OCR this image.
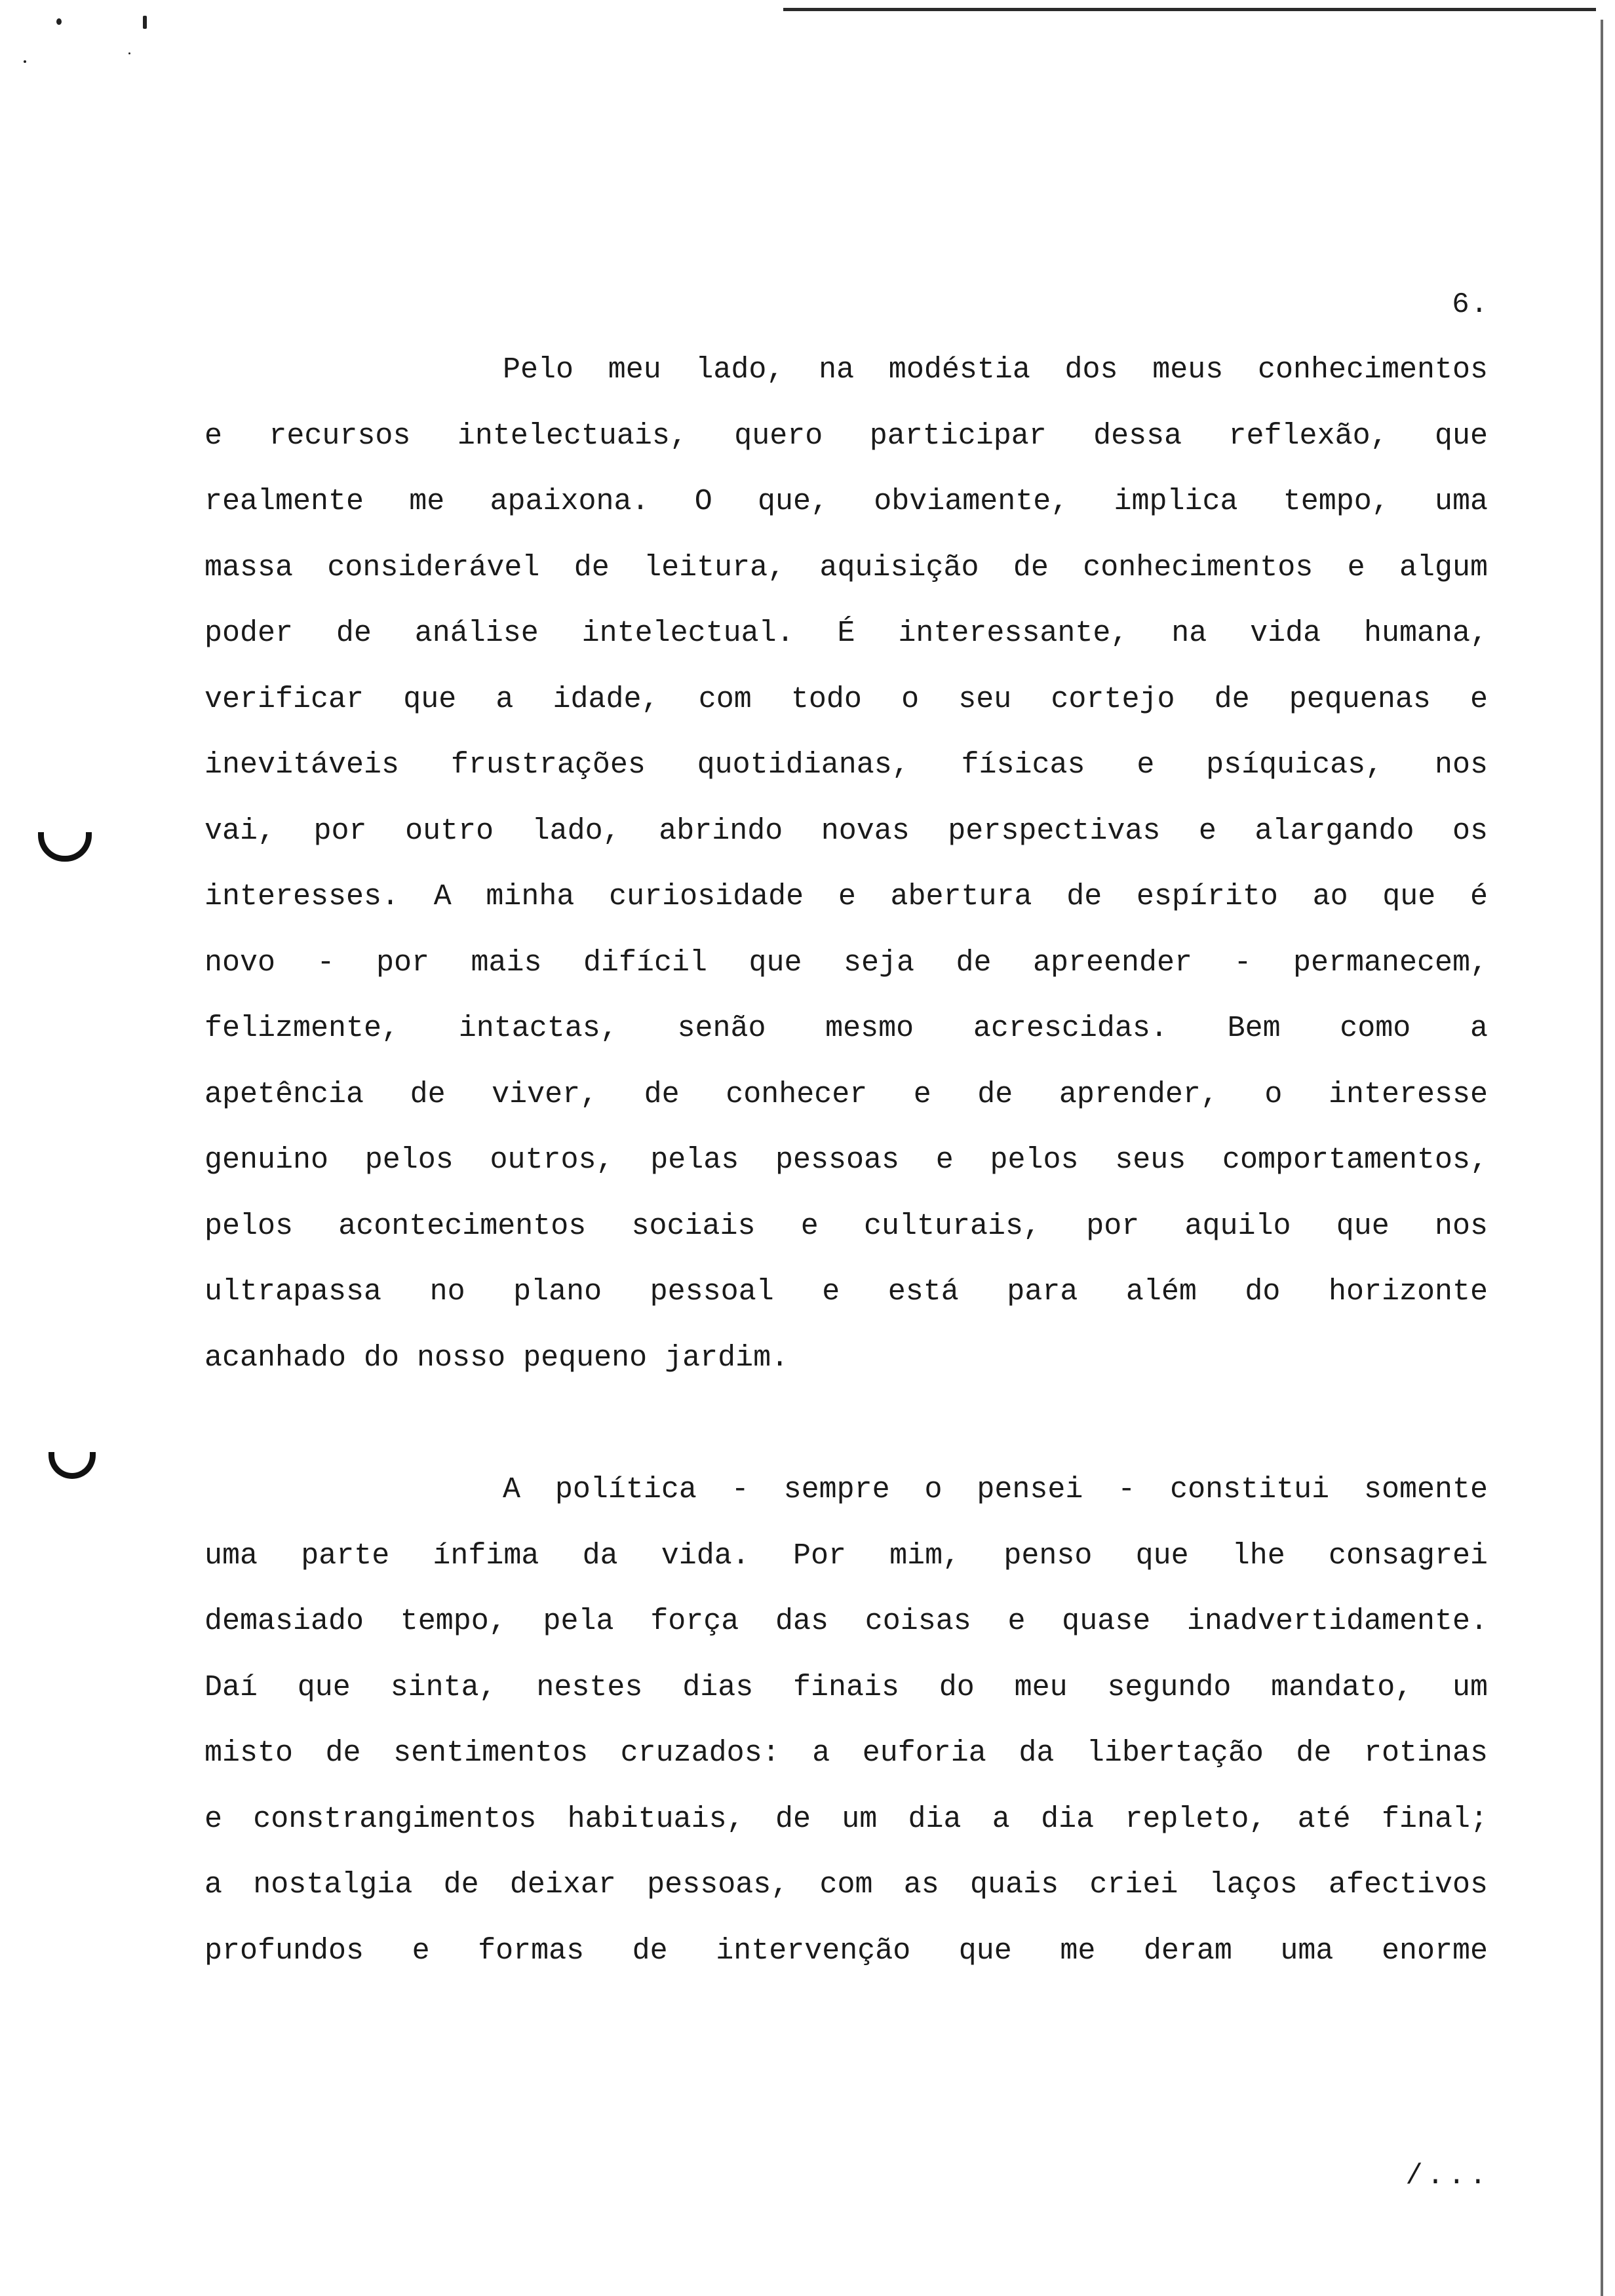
6.
Pelo meu lado, na modéstia dos meus conhecimentos
e recursos intelectuais, quero participar dessa reflexão, que
realmente me apaixona. O que, obviamente, implica tempo, uma
massa considerável de leitura, aquisição de conhecimentos e algum
poder de análise intelectual. É interessante, na vida humana,
verificar que a idade, com todo o seu cortejo de pequenas e
inevitáveis frustrações quotidianas, físicas e psíquicas, nos
vai, por outro lado, abrindo novas perspectivas e alargando os
interesses. A minha curiosidade e abertura de espírito ao que é
novo - por mais difícil que seja de apreender - permanecem,
felizmente, intactas, senão mesmo acrescidas. Bem como a
apetência de viver, de conhecer e de aprender, o interesse
genuino pelos outros, pelas pessoas e pelos seus comportamentos,
pelos acontecimentos sociais e culturais, por aquilo que nos
ultrapassa no plano pessoal e está para além do horizonte
acanhado do nosso pequeno jardim.
A política - sempre o pensei - constitui somente
uma parte ínfima da vida. Por mim, penso que lhe consagrei
demasiado tempo, pela força das coisas e quase inadvertidamente.
Daí que sinta, nestes dias finais do meu segundo mandato, um
misto de sentimentos cruzados: a euforia da libertação de rotinas
e constrangimentos habituais, de um dia a dia repleto, até final;
a nostalgia de deixar pessoas, com as quais criei laços afectivos
profundos e formas de intervenção que me deram uma enorme
/...
